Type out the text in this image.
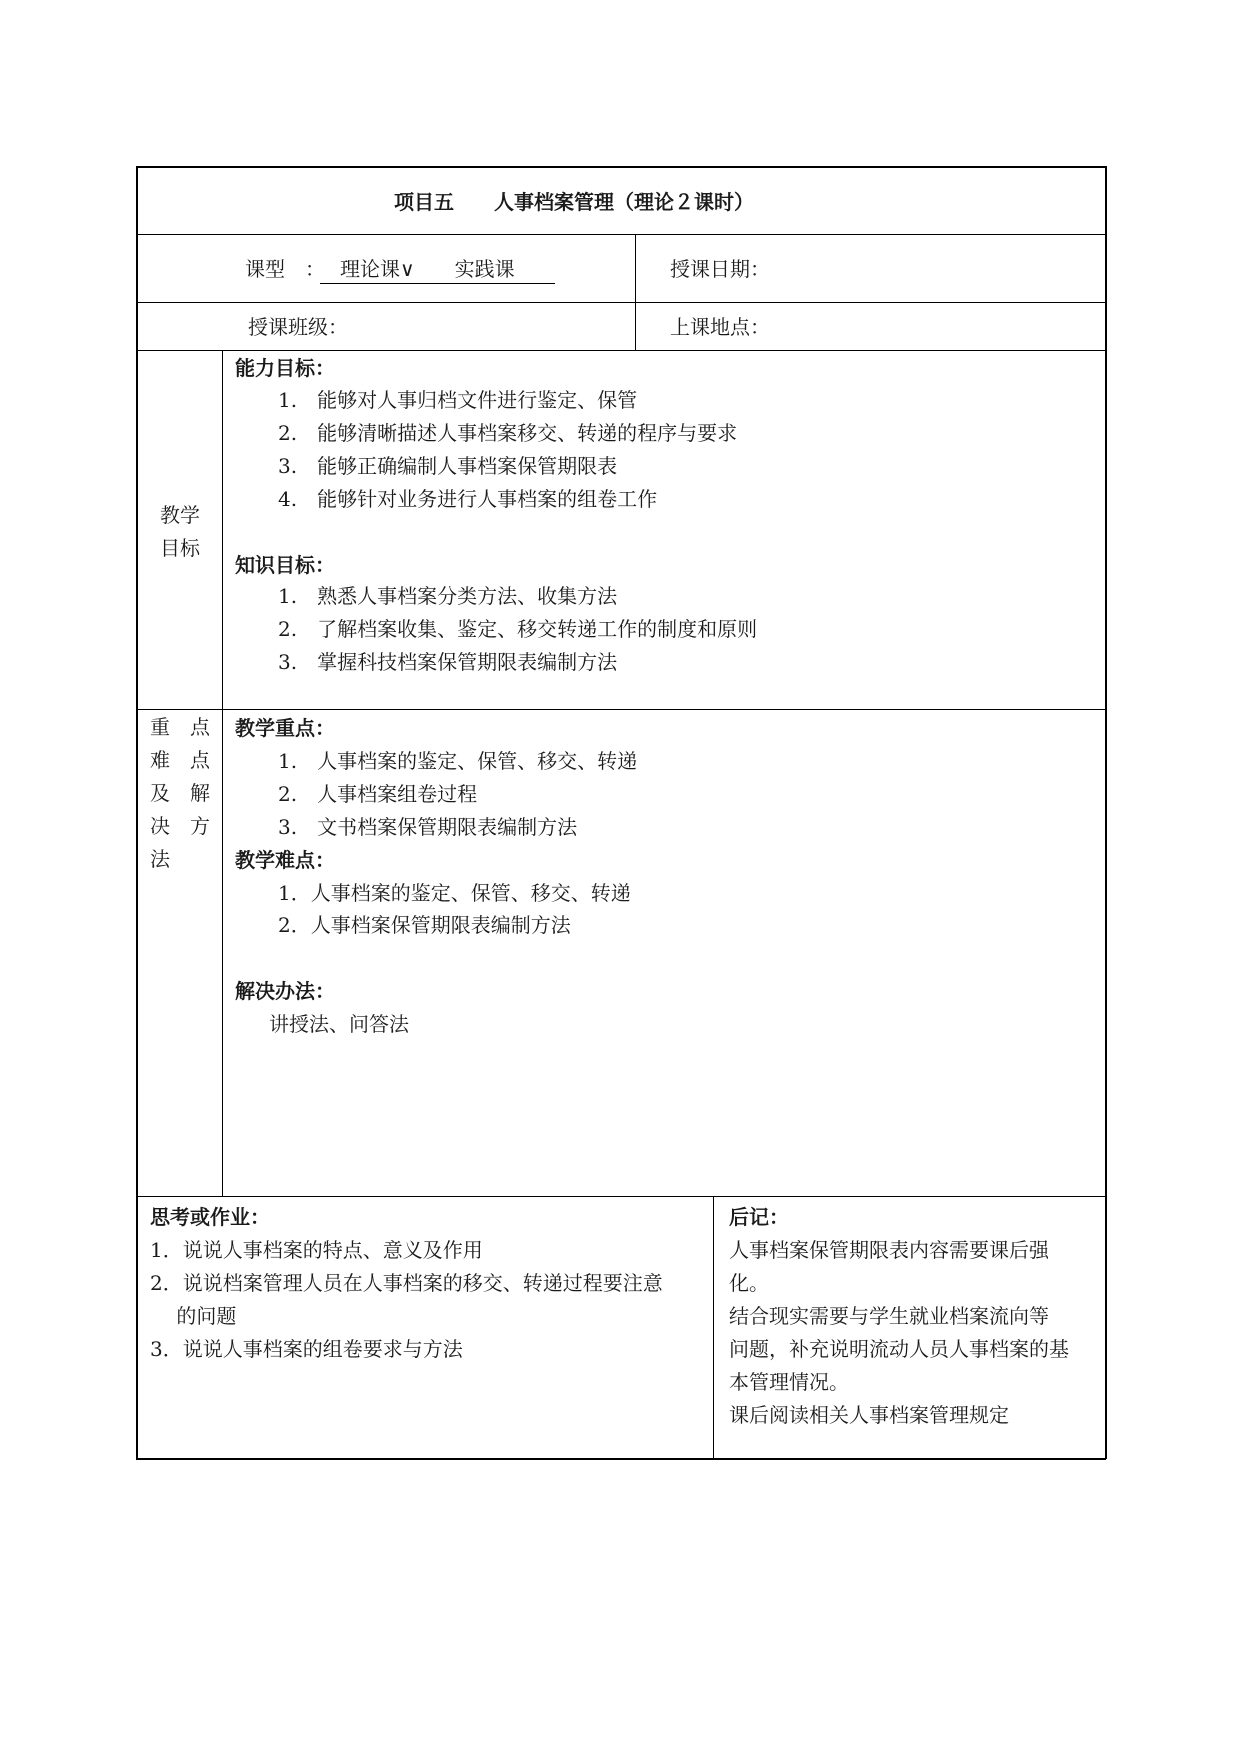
项目五　　人事档案管理（理论２课时）
课型　：
　理论课∨　　实践课　　	授课日期：
授课班级：	上课地点：
教学
目标
能力目标：
1.　能够对人事归档文件进行鉴定、保管
2.　能够清晰描述人事档案移交、转递的程序与要求
3.　能够正确编制人事档案保管期限表
4.　能够针对业务进行人事档案的组卷工作
知识目标：
1.　熟悉人事档案分类方法、收集方法
2.　了解档案收集、鉴定、移交转递工作的制度和原则
3.　掌握科技档案保管期限表编制方法
重　点
难　点
及　解
决　方
法
教学重点：
1.　人事档案的鉴定、保管、移交、转递
2.　人事档案组卷过程
3.　文书档案保管期限表编制方法
教学难点：
1．人事档案的鉴定、保管、移交、转递
2．人事档案保管期限表编制方法
解决办法：
讲授法、问答法
思考或作业：
1．说说人事档案的特点、意义及作用
2．说说档案管理人员在人事档案的移交、转递过程要注意
　 的问题
3．说说人事档案的组卷要求与方法
后记：
人事档案保管期限表内容需要课后强
化。
结合现实需要与学生就业档案流向等
问题，补充说明流动人员人事档案的基
本管理情况。
课后阅读相关人事档案管理规定
